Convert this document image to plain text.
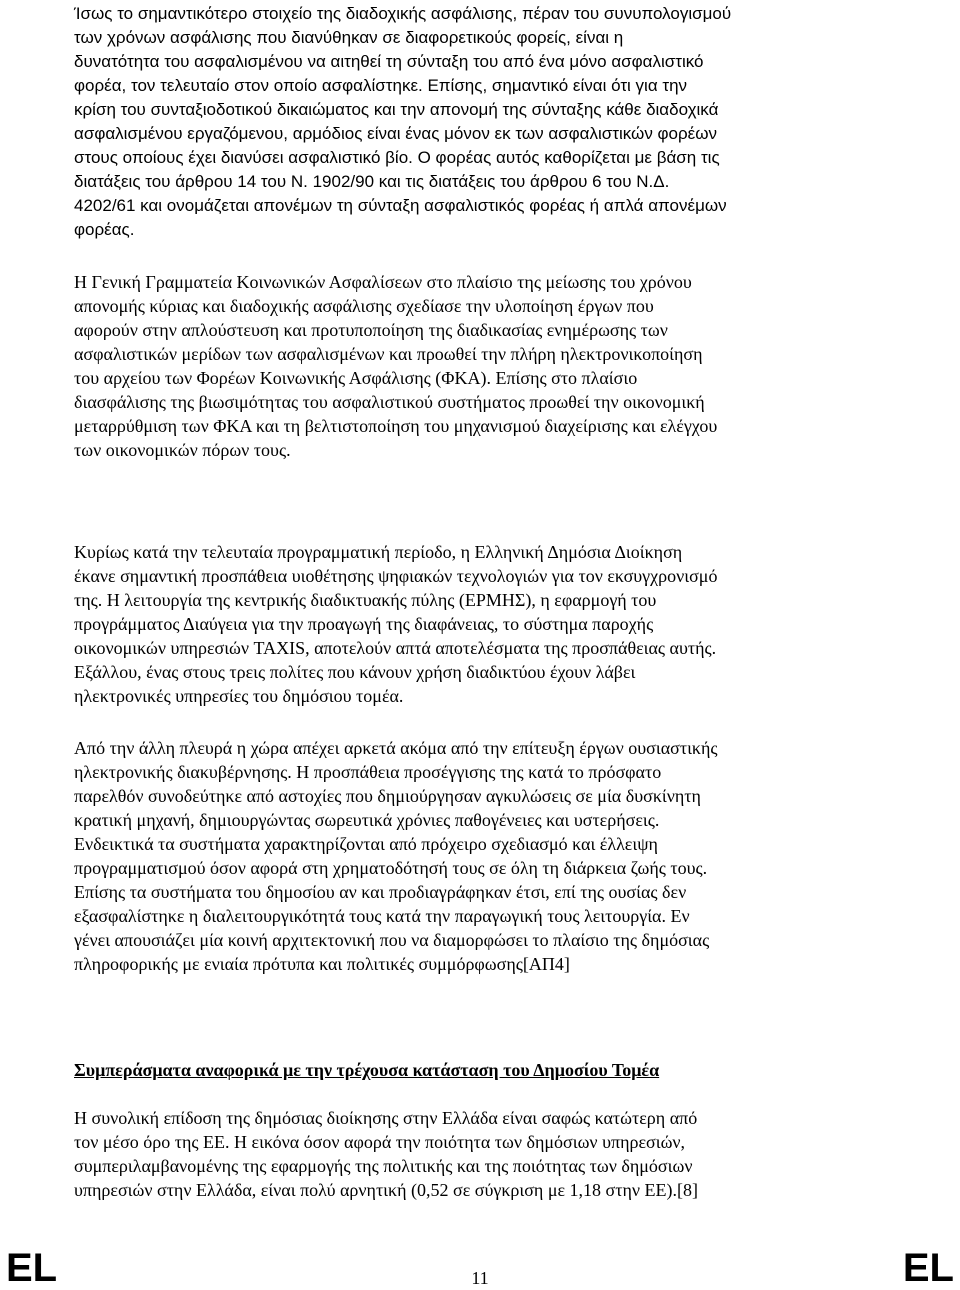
Ίσως το σημαντικότερο στοιχείο της διαδοχικής ασφάλισης, πέραν του συνυπολογισμού
των χρόνων ασφάλισης που διανύθηκαν σε διαφορετικούς φορείς, είναι η
δυνατότητα του ασφαλισμένου να αιτηθεί τη σύνταξη του από ένα μόνο ασφαλιστικό
φορέα, τον τελευταίο στον οποίο ασφαλίστηκε. Επίσης, σημαντικό είναι ότι για την
κρίση του συνταξιοδοτικού δικαιώματος και την απονομή της σύνταξης κάθε διαδοχικά
ασφαλισμένου εργαζόμενου, αρμόδιος είναι ένας μόνον εκ των ασφαλιστικών φορέων
στους οποίους έχει διανύσει ασφαλιστικό βίο. Ο φορέας αυτός καθορίζεται με βάση τις
διατάξεις του άρθρου 14 του Ν. 1902/90 και τις διατάξεις του άρθρου 6 του Ν.Δ.
4202/61 και ονομάζεται απονέμων τη σύνταξη ασφαλιστικός φορέας ή απλά απονέμων
φορέας.
Η Γενική Γραμματεία Κοινωνικών Ασφαλίσεων στο πλαίσιο της μείωσης του χρόνου
απονομής κύριας και διαδοχικής ασφάλισης σχεδίασε την υλοποίηση έργων που
αφορούν στην απλούστευση και προτυποποίηση της διαδικασίας ενημέρωσης των
ασφαλιστικών μερίδων των ασφαλισμένων και προωθεί την πλήρη ηλεκτρονικοποίηση
του αρχείου των Φορέων Κοινωνικής Ασφάλισης (ΦΚΑ). Επίσης στο πλαίσιο
διασφάλισης της βιωσιμότητας του ασφαλιστικού συστήματος προωθεί την οικονομική
μεταρρύθμιση των ΦΚΑ και τη βελτιστοποίηση του μηχανισμού διαχείρισης και ελέγχου
των οικονομικών πόρων τους.
Κυρίως κατά την τελευταία προγραμματική περίοδο, η Ελληνική Δημόσια Διοίκηση
έκανε σημαντική προσπάθεια υιοθέτησης ψηφιακών τεχνολογιών για τον εκσυγχρονισμό
της. Η λειτουργία της κεντρικής διαδικτυακής πύλης (ΕΡΜΗΣ), η εφαρμογή του
προγράμματος Διαύγεια για την προαγωγή της διαφάνειας, το σύστημα παροχής
οικονομικών υπηρεσιών TAXIS, αποτελούν απτά αποτελέσματα της προσπάθειας αυτής.
Εξάλλου, ένας στους τρεις πολίτες που κάνουν χρήση διαδικτύου έχουν λάβει
ηλεκτρονικές υπηρεσίες του δημόσιου τομέα.
Από την άλλη πλευρά η χώρα απέχει αρκετά ακόμα από την επίτευξη έργων ουσιαστικής
ηλεκτρονικής διακυβέρνησης. Η προσπάθεια προσέγγισης της κατά το πρόσφατο
παρελθόν συνοδεύτηκε από αστοχίες που δημιούργησαν αγκυλώσεις σε μία δυσκίνητη
κρατική μηχανή, δημιουργώντας σωρευτικά χρόνιες παθογένειες και υστερήσεις.
Ενδεικτικά τα συστήματα χαρακτηρίζονται από πρόχειρο σχεδιασμό και έλλειψη
προγραμματισμού όσον αφορά στη χρηματοδότησή τους σε όλη τη διάρκεια ζωής τους.
Επίσης τα συστήματα του δημοσίου αν και προδιαγράφηκαν έτσι, επί της ουσίας δεν
εξασφαλίστηκε η διαλειτουργικότητά τους κατά την παραγωγική τους λειτουργία. Εν
γένει απουσιάζει μία κοινή αρχιτεκτονική που να διαμορφώσει το πλαίσιο της δημόσιας
πληροφορικής με ενιαία πρότυπα και πολιτικές συμμόρφωσης[ΑΠ4]
Συμπεράσματα αναφορικά με την τρέχουσα κατάσταση του Δημοσίου Τομέα
Η συνολική επίδοση της δημόσιας διοίκησης στην Ελλάδα είναι σαφώς κατώτερη από
τον μέσο όρο της ΕΕ. Η εικόνα όσον αφορά την ποιότητα των δημόσιων υπηρεσιών,
συμπεριλαμβανομένης της εφαρμογής της πολιτικής και της ποιότητας των δημόσιων
υπηρεσιών στην Ελλάδα, είναι πολύ αρνητική (0,52 σε σύγκριση με 1,18 στην ΕΕ).[8]
EL	11	EL
